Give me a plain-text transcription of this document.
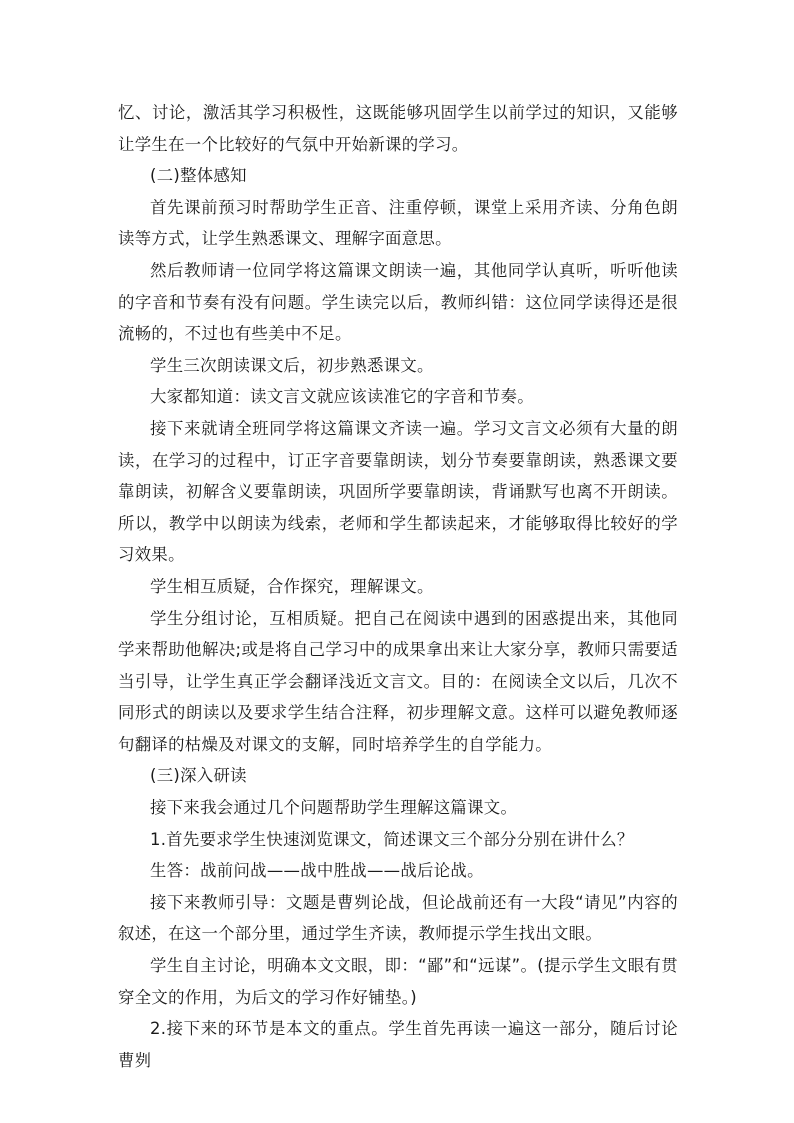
忆、讨论，激活其学习积极性，这既能够巩固学生以前学过的知识，又能够让学生在一个比较好的气氛中开始新课的学习。

(二)整体感知

首先课前预习时帮助学生正音、注重停顿，课堂上采用齐读、分角色朗读等方式，让学生熟悉课文、理解字面意思。

然后教师请一位同学将这篇课文朗读一遍，其他同学认真听，听听他读的字音和节奏有没有问题。学生读完以后，教师纠错：这位同学读得还是很流畅的，不过也有些美中不足。

学生三次朗读课文后，初步熟悉课文。

大家都知道：读文言文就应该读准它的字音和节奏。

接下来就请全班同学将这篇课文齐读一遍。学习文言文必须有大量的朗读，在学习的过程中，订正字音要靠朗读，划分节奏要靠朗读，熟悉课文要靠朗读，初解含义要靠朗读，巩固所学要靠朗读，背诵默写也离不开朗读。所以，教学中以朗读为线索，老师和学生都读起来，才能够取得比较好的学习效果。

学生相互质疑，合作探究，理解课文。

学生分组讨论，互相质疑。把自己在阅读中遇到的困惑提出来，其他同学来帮助他解决;或是将自己学习中的成果拿出来让大家分享，教师只需要适当引导，让学生真正学会翻译浅近文言文。目的：在阅读全文以后，几次不同形式的朗读以及要求学生结合注释，初步理解文意。这样可以避免教师逐句翻译的枯燥及对课文的支解，同时培养学生的自学能力。

(三)深入研读

接下来我会通过几个问题帮助学生理解这篇课文。

1.首先要求学生快速浏览课文，简述课文三个部分分别在讲什么？

生答：战前问战——战中胜战——战后论战。

接下来教师引导：文题是曹刿论战，但论战前还有一大段“请见”内容的叙述，在这一个部分里，通过学生齐读，教师提示学生找出文眼。

学生自主讨论，明确本文文眼，即：“鄙”和“远谋”。(提示学生文眼有贯穿全文的作用，为后文的学习作好铺垫。)

2.接下来的环节是本文的重点。学生首先再读一遍这一部分，随后讨论曹刿
